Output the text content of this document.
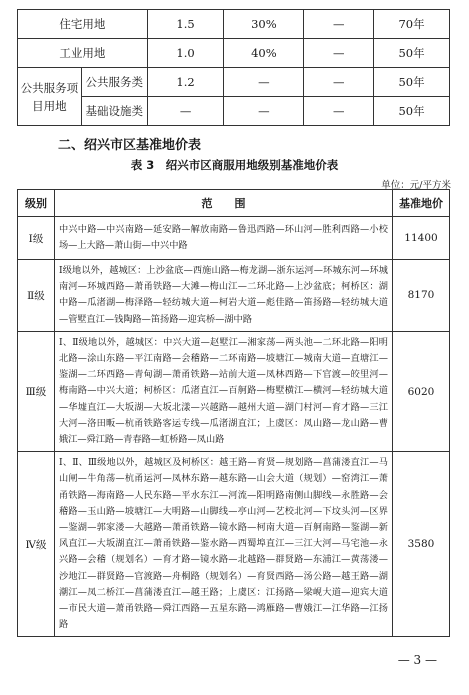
住宅用地		1.5	30%	—	70年
工业用地		1.0	40%	—	50年
公共服务项目用地	公共服务类	1.2	—	—	50年
	基础设施类	—	—	—	50年
二、绍兴市区基准地价表
表 3　绍兴市区商服用地级别基准地价表
单位：元/平方米
级别	范　　围	基准地价
Ⅰ级	中兴中路—中兴南路—延安路—解放南路—鲁迅西路—环山河—胜利西路—小校场—上大路—萧山街—中兴中路	11400
Ⅱ级	Ⅰ级地以外，越城区：上沙盆底—西施山路—梅龙湖—浙东运河—环城东河—环城南河—环城西路—萧甬铁路—大滩—梅山江—二环北路—上沙盆底；柯桥区：湖中路—瓜渚湖—梅泽路—轻纺城大道—柯岩大道—彪佳路—笛扬路—轻纺城大道—管墅直江—钱陶路—笛扬路—迎宾桥—湖中路	8170
Ⅲ级	Ⅰ、Ⅱ级地以外，越城区：中兴大道—赵墅江—湘家荡—两头池—二环北路—阳明北路—涂山东路—平江南路—会稽路—二环南路—坡塘江—城南大道—直塘江—鉴湖—二环西路—青甸湖—萧甬铁路—站前大道—凤林西路—下官渡—皎里河—梅南路—中兴大道；柯桥区：瓜渚直江—百舸路—梅墅横江—横河—轻纺城大道—华墟直江—大坂湖—大坂北漾—兴越路—越州大道—湖门村河—育才路—三江大河—洛田畈—杭甬铁路客运专线—瓜渚湖直江；上虞区：凤山路—龙山路—曹娥江—舜江路—青春路—虹桥路—凤山路	6020
Ⅳ级	Ⅰ、Ⅱ、Ⅲ级地以外，越城区及柯桥区：越王路—育贤—规划路—菖蒲溇直江—马山闸—牛角荡—杭甬运河—凤林东路—越东路—山会大道（规划）—窑湾江—萧甬铁路—海南路—人民东路—平水东江—河流—阳明路南侧山脚线—永胜路—会稽路—玉山路—坡塘江—大明路—山脚线—亭山河—艺校北河—下坟头河—区界—鉴湖—郭家溇—大越路—萧甬铁路—镜水路—柯南大道—百舸南路—鉴湖—新风直江—大坂湖直江—萧甬铁路—鉴水路—西蜀埠直江—三江大河—马宅池—永兴路—会稽（规划名）—育才路—镜水路—北越路—群贤路—东浦江—黄荡溇—沙地江—群贤路—官渡路—舟桐路（规划名）—育贤西路—汤公路—越王路—湖潮江—凤二桥江—菖蒲溇直江—越王路；上虞区：江扬路—梁岘大道—迎宾大道—市民大道—萧甬铁路—舜江西路—五星东路—鸿雁路—曹娥江—江华路—江扬路	3580
— 3 —
